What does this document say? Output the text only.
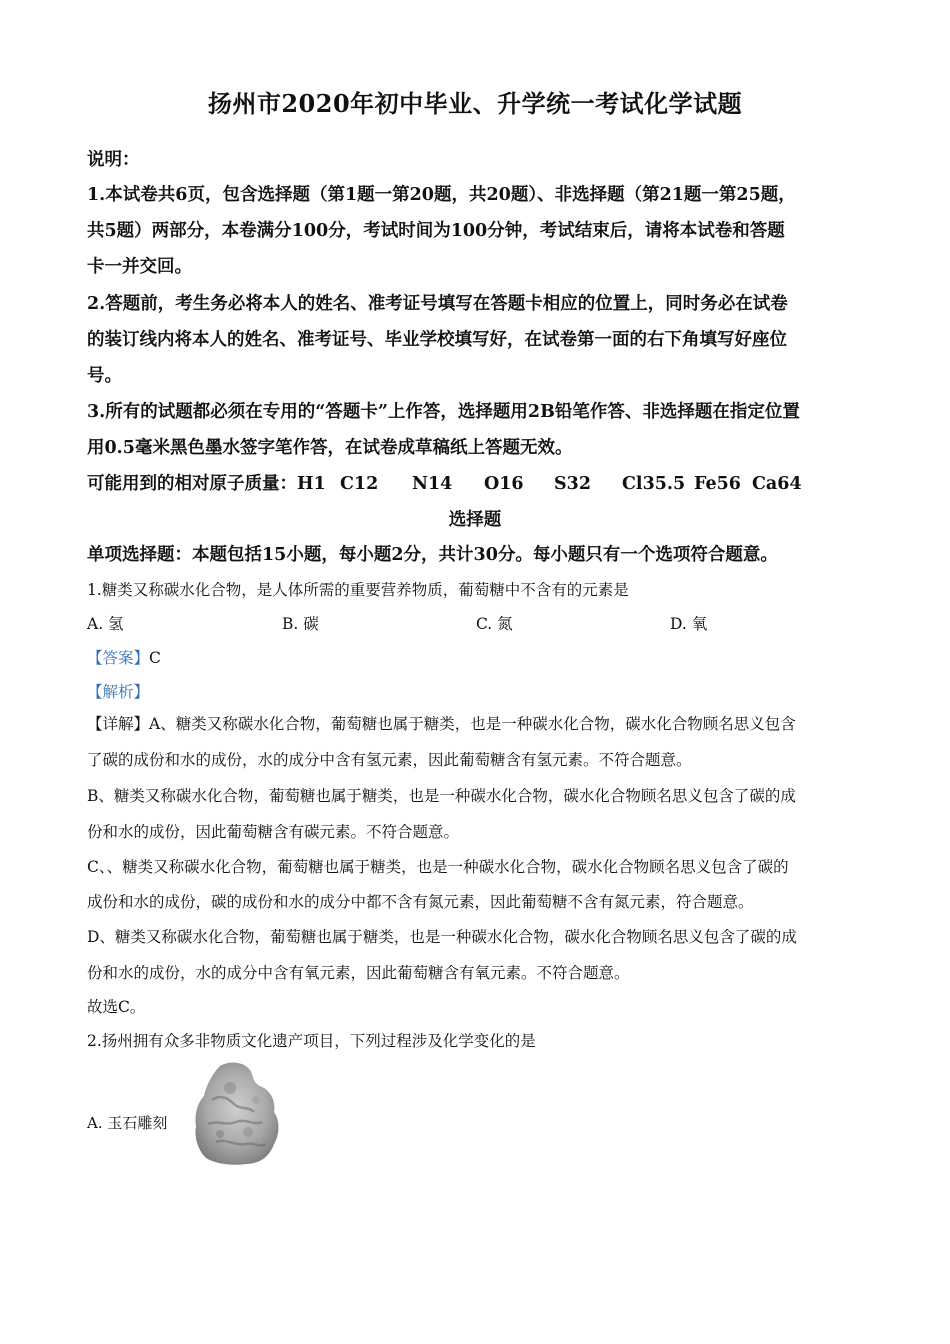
扬州市2020年初中毕业、升学统一考试化学试题
说明：
1.本试卷共6页，包含选择题（第1题一第20题，共20题）、非选择题（第21题一第25题，
共5题）两部分，本卷满分100分，考试时间为100分钟，考试结束后，请将本试卷和答题
卡一并交回。
2.答题前，考生务必将本人的姓名、准考证号填写在答题卡相应的位置上，同时务必在试卷
的装订线内将本人的姓名、准考证号、毕业学校填写好，在试卷第一面的右下角填写好座位
号。
3.所有的试题都必须在专用的“答题卡”上作答，选择题用2B铅笔作答、非选择题在指定位置
用0.5毫米黑色墨水签字笔作答，在试卷成草稿纸上答题无效。
可能用到的相对原子质量：H1 C12 N14 O16 S32 Cl35.5 Fe56 Ca64
选择题
单项选择题：本题包括15小题，每小题2分，共计30分。每小题只有一个选项符合题意。
1.糖类又称碳水化合物，是人体所需的重要营养物质，葡萄糖中不含有的元素是
A. 氢	B. 碳	C. 氮	D. 氧
【答案】C
【解析】
【详解】A、糖类又称碳水化合物，葡萄糖也属于糖类，也是一种碳水化合物，碳水化合物顾名思义包含
了碳的成份和水的成份，水的成分中含有氢元素，因此葡萄糖含有氢元素。不符合题意。
B、糖类又称碳水化合物，葡萄糖也属于糖类，也是一种碳水化合物，碳水化合物顾名思义包含了碳的成
份和水的成份，因此葡萄糖含有碳元素。不符合题意。
C、、糖类又称碳水化合物，葡萄糖也属于糖类，也是一种碳水化合物，碳水化合物顾名思义包含了碳的
成份和水的成份，碳的成份和水的成分中都不含有氮元素，因此葡萄糖不含有氮元素，符合题意。
D、糖类又称碳水化合物，葡萄糖也属于糖类，也是一种碳水化合物，碳水化合物顾名思义包含了碳的成
份和水的成份，水的成分中含有氧元素，因此葡萄糖含有氧元素。不符合题意。
故选C。
2.扬州拥有众多非物质文化遗产项目，下列过程涉及化学变化的是
A. 玉石雕刻
